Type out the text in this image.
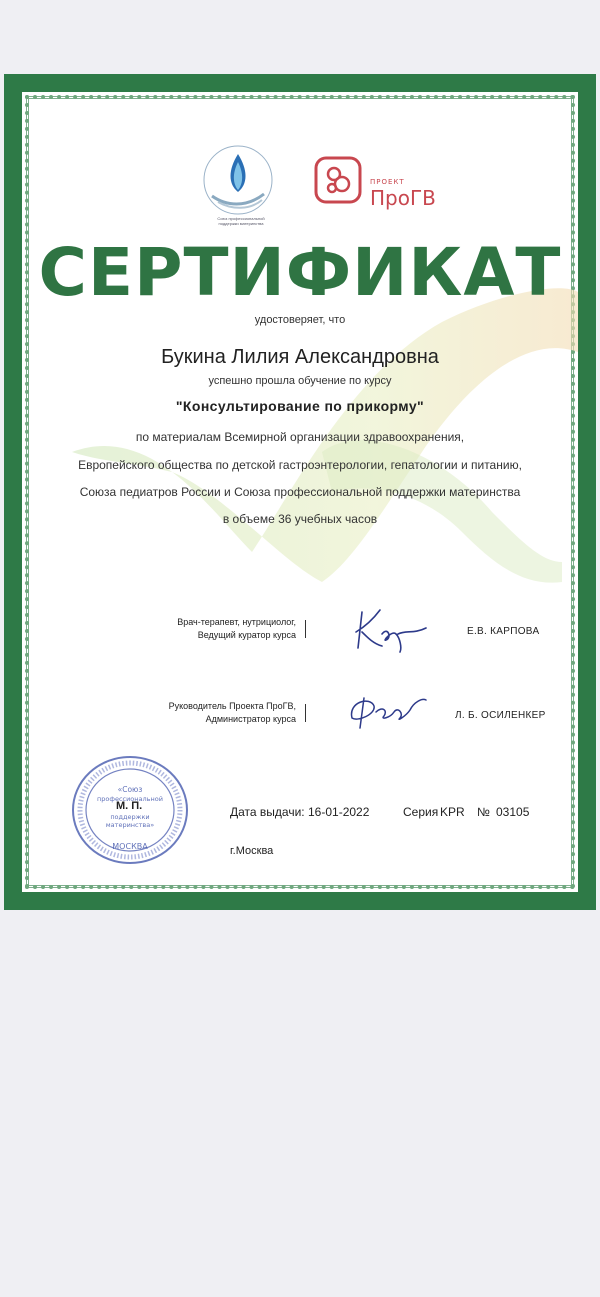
Союз профессиональной поддержки материнства
ПРОЕКТ
ПроГВ
СЕРТИФИКАТ
удостоверяет, что
Букина Лилия Александровна
успешно прошла обучение по курсу
"Консультирование по прикорму"
по материалам Всемирной организации здравоохранения,
Европейского общества по детской гастроэнтерологии, гепатологии и питанию,
Союза педиатров России и Союза профессиональной поддержки материнства
в объеме 36 учебных часов
Врач-терапевт, нутрициолог,
Ведущий куратор курса	Е.В. КАРПОВА
Руководитель Проекта ПроГВ,
Администратор курса	Л. Б. ОСИЛЕНКЕР
«Союз
профессиональной
поддержки
материнства»
МОСКВА
М. П.	Дата выдачи: 16-01-2022	Серия KPR № 03105
г.Москва
